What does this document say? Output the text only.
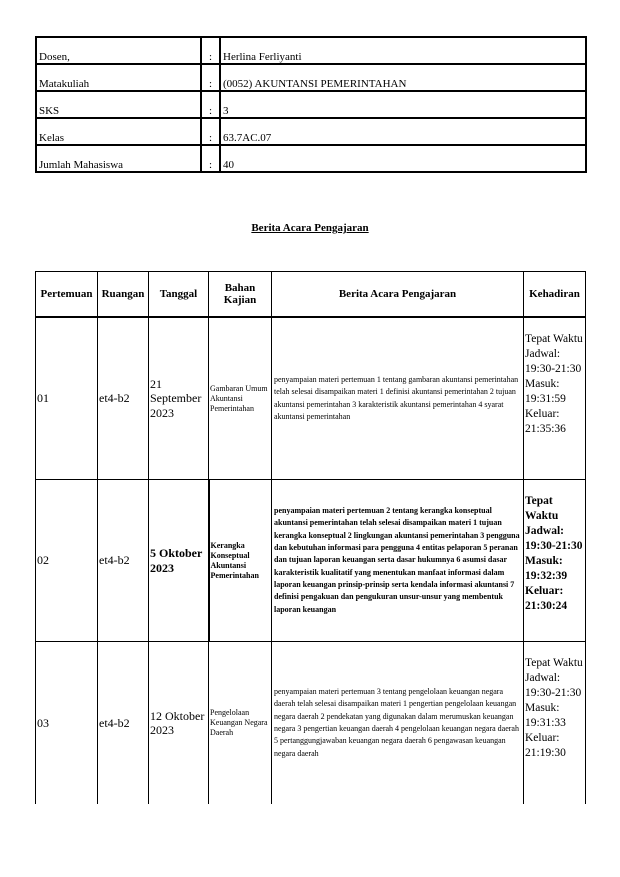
Dosen,	:	Herlina Ferliyanti
Matakuliah	:	(0052) AKUNTANSI PEMERINTAHAN
SKS	:	3
Kelas	:	63.7AC.07
Jumlah Mahasiswa	:	40
Berita Acara Pengajaran
Pertemuan	Ruangan	Tanggal	Bahan Kajian	Berita Acara Pengajaran	Kehadiran
01	et4-b2	21 September 2023	Gambaran Umum Akuntansi Pemerintahan	penyampaian materi pertemuan 1 tentang gambaran akuntansi pemerintahan telah selesai disampaikan materi 1 definisi akuntansi pemerintahan 2 tujuan akuntansi pemerintahan 3 karakteristik akuntansi pemerintahan 4 syarat akuntansi pemerintahan	Tepat Waktu Jadwal: 19:30-21:30 Masuk: 19:31:59 Keluar: 21:35:36
02	et4-b2	5 Oktober 2023	Kerangka Konseptual Akuntansi Pemerintahan	penyampaian materi pertemuan 2 tentang kerangka konseptual akuntansi pemerintahan telah selesai disampaikan materi 1 tujuan kerangka konseptual 2 lingkungan akuntansi pemerintahan 3 pengguna dan kebutuhan informasi para pengguna 4 entitas pelaporan 5 peranan dan tujuan laporan keuangan serta dasar hukumnya 6 asumsi dasar karakteristik kualitatif yang menentukan manfaat informasi dalam laporan keuangan prinsip-prinsip serta kendala informasi akuntansi 7 definisi pengakuan dan pengukuran unsur-unsur yang membentuk laporan keuangan	Tepat Waktu Jadwal: 19:30-21:30 Masuk: 19:32:39 Keluar: 21:30:24
03	et4-b2	12 Oktober 2023	Pengelolaan Keuangan Negara Daerah	penyampaian materi pertemuan 3 tentang pengelolaan keuangan negara daerah telah selesai disampaikan materi 1 pengertian pengelolaan keuangan negara daerah 2 pendekatan yang digunakan dalam merumuskan keuangan negara 3 pengertian keuangan daerah 4 pengelolaan keuangan negara daerah 5 pertanggungjawaban keuangan negara daerah 6 pengawasan keuangan negara daerah	Tepat Waktu Jadwal: 19:30-21:30 Masuk: 19:31:33 Keluar: 21:19:30
